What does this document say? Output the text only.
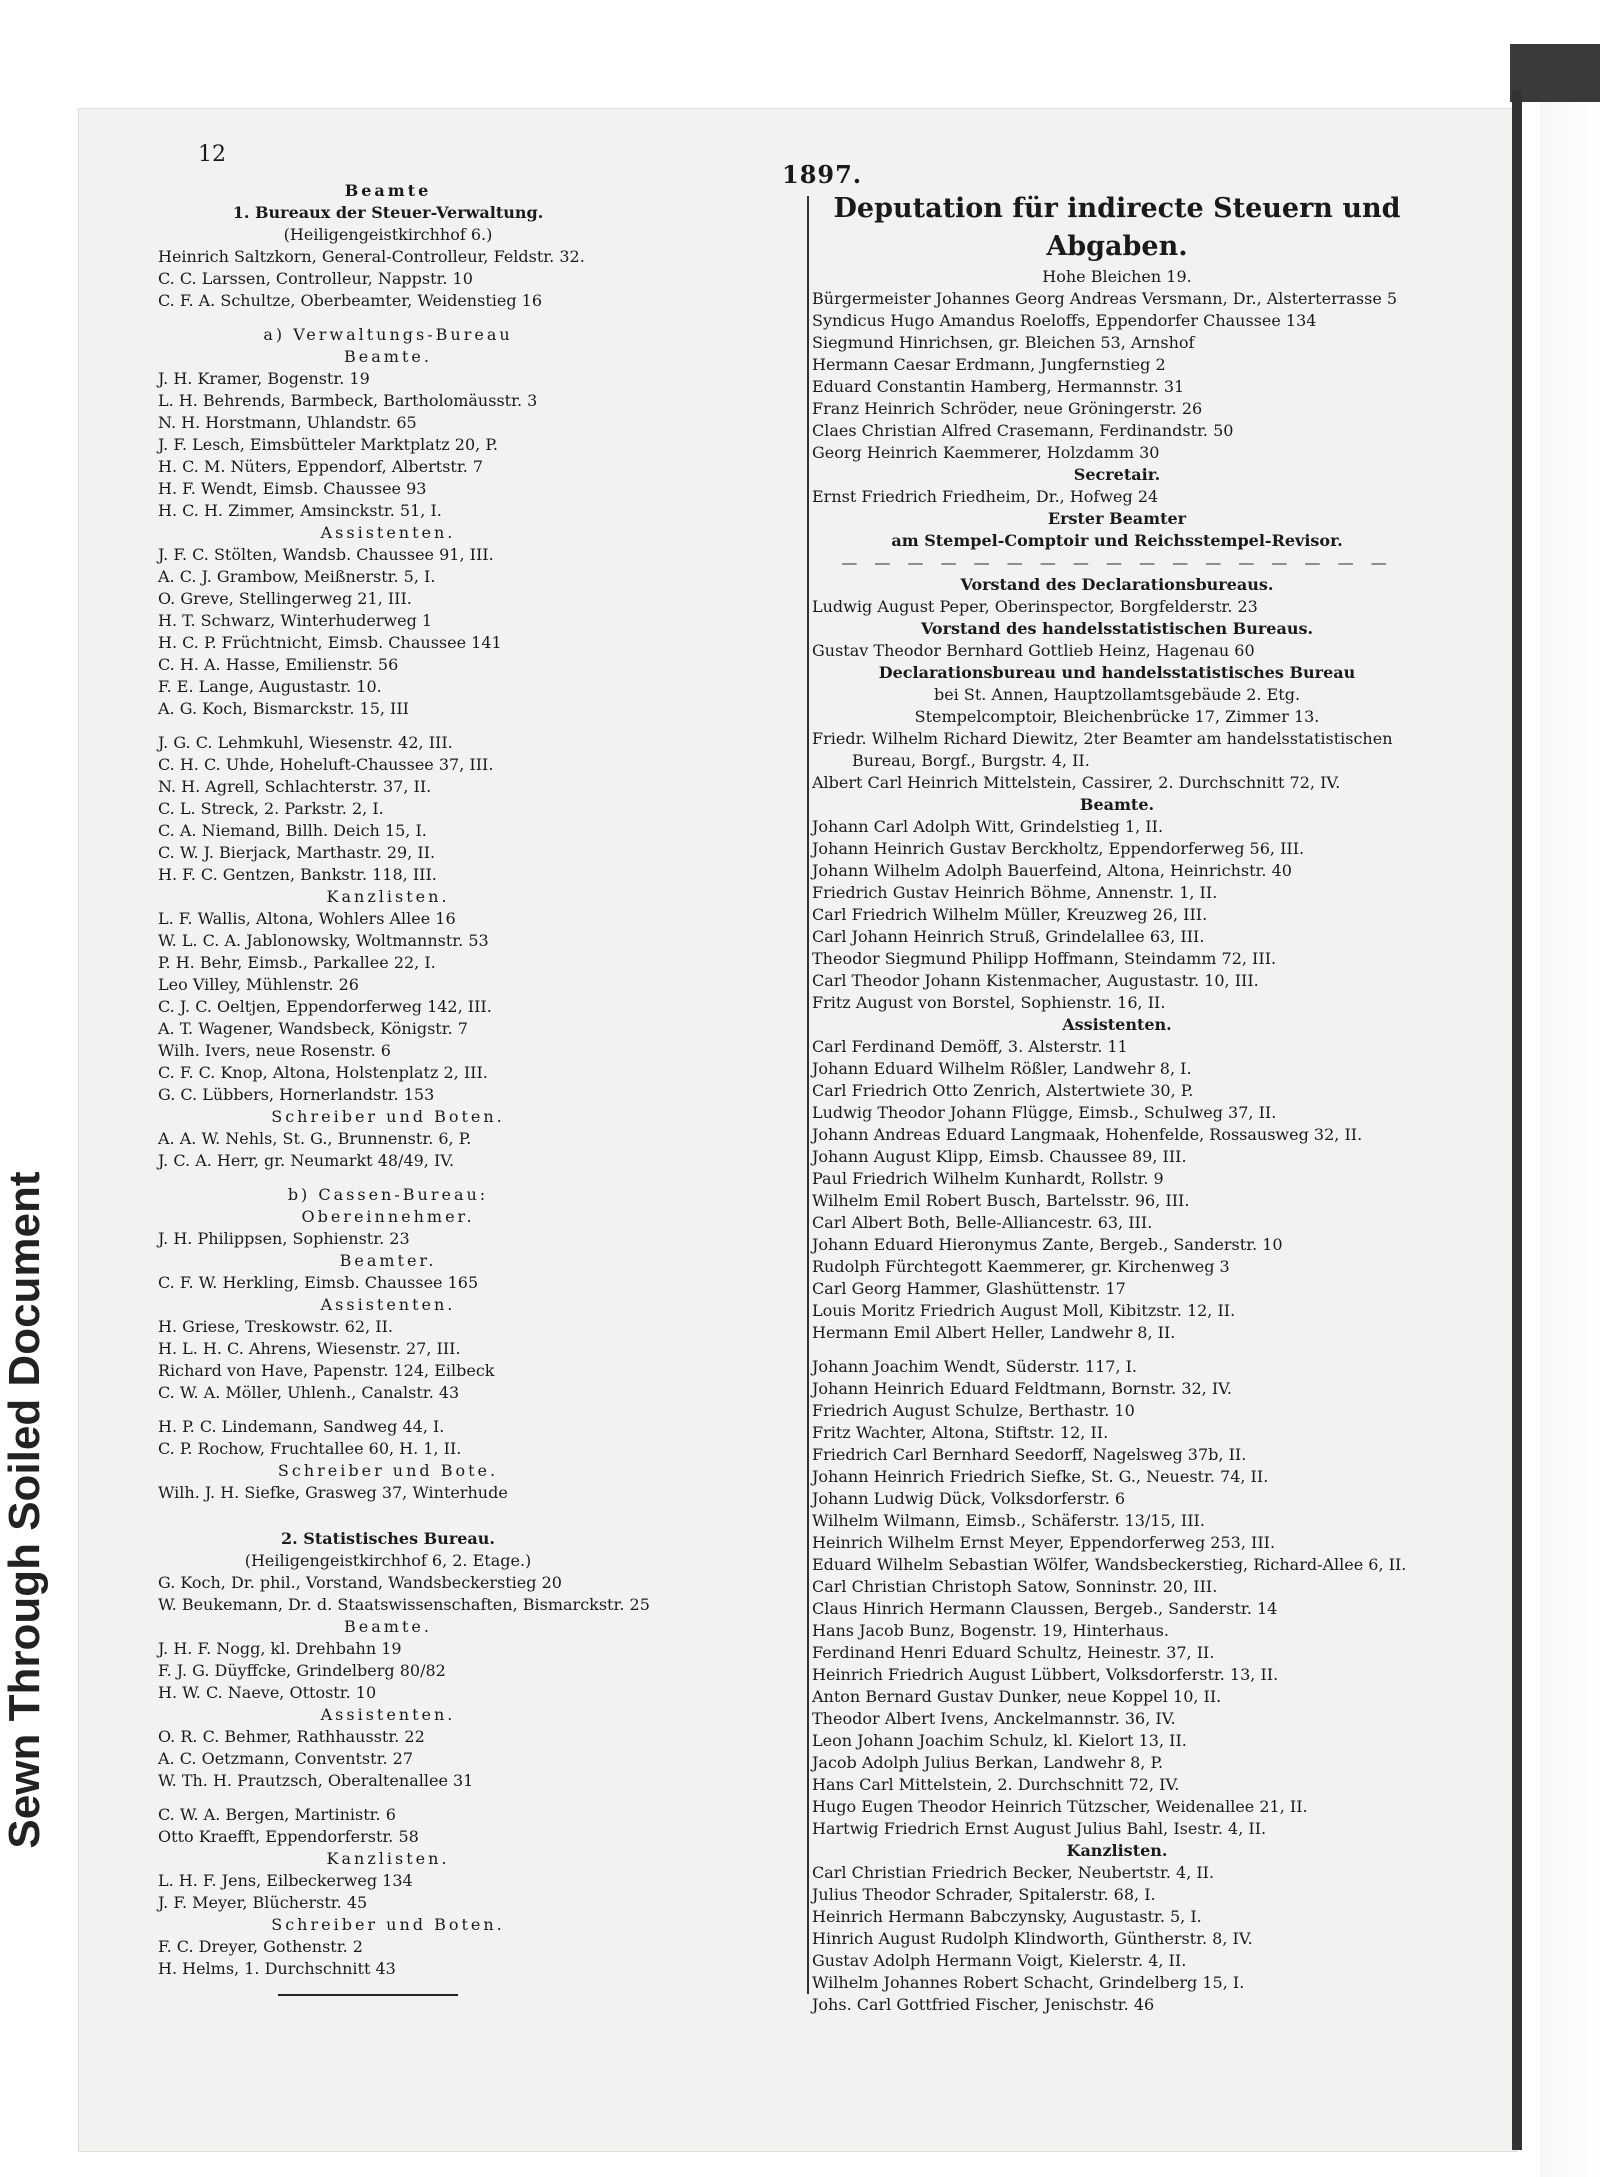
Sewn Through Soiled Document
12
1897.
Beamte
1. Bureaux der Steuer-Verwaltung.
(Heiligengeistkirchhof 6.)
Heinrich Saltzkorn, General-Controlleur, Feldstr. 32.
C. C. Larssen, Controlleur, Nappstr. 10
C. F. A. Schultze, Oberbeamter, Weidenstieg 16
a) Verwaltungs-Bureau
Beamte.
J. H. Kramer, Bogenstr. 19
L. H. Behrends, Barmbeck, Bartholomäusstr. 3
N. H. Horstmann, Uhlandstr. 65
J. F. Lesch, Eimsbütteler Marktplatz 20, P.
H. C. M. Nüters, Eppendorf, Albertstr. 7
H. F. Wendt, Eimsb. Chaussee 93
H. C. H. Zimmer, Amsinckstr. 51, I.
Assistenten.
J. F. C. Stölten, Wandsb. Chaussee 91, III.
A. C. J. Grambow, Meißnerstr. 5, I.
O. Greve, Stellingerweg 21, III.
H. T. Schwarz, Winterhuderweg 1
H. C. P. Früchtnicht, Eimsb. Chaussee 141
C. H. A. Hasse, Emilienstr. 56
F. E. Lange, Augustastr. 10.
A. G. Koch, Bismarckstr. 15, III
J. G. C. Lehmkuhl, Wiesenstr. 42, III.
C. H. C. Uhde, Hoheluft-Chaussee 37, III.
N. H. Agrell, Schlachterstr. 37, II.
C. L. Streck, 2. Parkstr. 2, I.
C. A. Niemand, Billh. Deich 15, I.
C. W. J. Bierjack, Marthastr. 29, II.
H. F. C. Gentzen, Bankstr. 118, III.
Kanzlisten.
L. F. Wallis, Altona, Wohlers Allee 16
W. L. C. A. Jablonowsky, Woltmannstr. 53
P. H. Behr, Eimsb., Parkallee 22, I.
Leo Villey, Mühlenstr. 26
C. J. C. Oeltjen, Eppendorferweg 142, III.
A. T. Wagener, Wandsbeck, Königstr. 7
Wilh. Ivers, neue Rosenstr. 6
C. F. C. Knop, Altona, Holstenplatz 2, III.
G. C. Lübbers, Hornerlandstr. 153
Schreiber und Boten.
A. A. W. Nehls, St. G., Brunnenstr. 6, P.
J. C. A. Herr, gr. Neumarkt 48/49, IV.
b) Cassen-Bureau:
Obereinnehmer.
J. H. Philippsen, Sophienstr. 23
Beamter.
C. F. W. Herkling, Eimsb. Chaussee 165
Assistenten.
H. Griese, Treskowstr. 62, II.
H. L. H. C. Ahrens, Wiesenstr. 27, III.
Richard von Have, Papenstr. 124, Eilbeck
C. W. A. Möller, Uhlenh., Canalstr. 43
H. P. C. Lindemann, Sandweg 44, I.
C. P. Rochow, Fruchtallee 60, H. 1, II.
Schreiber und Bote.
Wilh. J. H. Siefke, Grasweg 37, Winterhude
2. Statistisches Bureau.
(Heiligengeistkirchhof 6, 2. Etage.)
G. Koch, Dr. phil., Vorstand, Wandsbeckerstieg 20
W. Beukemann, Dr. d. Staatswissenschaften, Bismarckstr. 25
Beamte.
J. H. F. Nogg, kl. Drehbahn 19
F. J. G. Düyffcke, Grindelberg 80/82
H. W. C. Naeve, Ottostr. 10
Assistenten.
O. R. C. Behmer, Rathhausstr. 22
A. C. Oetzmann, Conventstr. 27
W. Th. H. Prautzsch, Oberaltenallee 31
C. W. A. Bergen, Martinistr. 6
Otto Kraefft, Eppendorferstr. 58
Kanzlisten.
L. H. F. Jens, Eilbeckerweg 134
J. F. Meyer, Blücherstr. 45
Schreiber und Boten.
F. C. Dreyer, Gothenstr. 2
H. Helms, 1. Durchschnitt 43
Deputation für indirecte Steuern und
Abgaben.
Hohe Bleichen 19.
Bürgermeister Johannes Georg Andreas Versmann, Dr., Alsterterrasse 5
Syndicus Hugo Amandus Roeloffs, Eppendorfer Chaussee 134
Siegmund Hinrichsen, gr. Bleichen 53, Arnshof
Hermann Caesar Erdmann, Jungfernstieg 2
Eduard Constantin Hamberg, Hermannstr. 31
Franz Heinrich Schröder, neue Gröningerstr. 26
Claes Christian Alfred Crasemann, Ferdinandstr. 50
Georg Heinrich Kaemmerer, Holzdamm 30
Secretair.
Ernst Friedrich Friedheim, Dr., Hofweg 24
Erster Beamter
am Stempel-Comptoir und Reichsstempel-Revisor.
— — — — — — — — — — — — — — — — —
Vorstand des Declarationsbureaus.
Ludwig August Peper, Oberinspector, Borgfelderstr. 23
Vorstand des handelsstatistischen Bureaus.
Gustav Theodor Bernhard Gottlieb Heinz, Hagenau 60
Declarationsbureau und handelsstatistisches Bureau
bei St. Annen, Hauptzollamtsgebäude 2. Etg.
Stempelcomptoir, Bleichenbrücke 17, Zimmer 13.
Friedr. Wilhelm Richard Diewitz, 2ter Beamter am handelsstatistischen
Bureau, Borgf., Burgstr. 4, II.
Albert Carl Heinrich Mittelstein, Cassirer, 2. Durchschnitt 72, IV.
Beamte.
Johann Carl Adolph Witt, Grindelstieg 1, II.
Johann Heinrich Gustav Berckholtz, Eppendorferweg 56, III.
Johann Wilhelm Adolph Bauerfeind, Altona, Heinrichstr. 40
Friedrich Gustav Heinrich Böhme, Annenstr. 1, II.
Carl Friedrich Wilhelm Müller, Kreuzweg 26, III.
Carl Johann Heinrich Struß, Grindelallee 63, III.
Theodor Siegmund Philipp Hoffmann, Steindamm 72, III.
Carl Theodor Johann Kistenmacher, Augustastr. 10, III.
Fritz August von Borstel, Sophienstr. 16, II.
Assistenten.
Carl Ferdinand Demöff, 3. Alsterstr. 11
Johann Eduard Wilhelm Rößler, Landwehr 8, I.
Carl Friedrich Otto Zenrich, Alstertwiete 30, P.
Ludwig Theodor Johann Flügge, Eimsb., Schulweg 37, II.
Johann Andreas Eduard Langmaak, Hohenfelde, Rossausweg 32, II.
Johann August Klipp, Eimsb. Chaussee 89, III.
Paul Friedrich Wilhelm Kunhardt, Rollstr. 9
Wilhelm Emil Robert Busch, Bartelsstr. 96, III.
Carl Albert Both, Belle-Alliancestr. 63, III.
Johann Eduard Hieronymus Zante, Bergeb., Sanderstr. 10
Rudolph Fürchtegott Kaemmerer, gr. Kirchenweg 3
Carl Georg Hammer, Glashüttenstr. 17
Louis Moritz Friedrich August Moll, Kibitzstr. 12, II.
Hermann Emil Albert Heller, Landwehr 8, II.
Johann Joachim Wendt, Süderstr. 117, I.
Johann Heinrich Eduard Feldtmann, Bornstr. 32, IV.
Friedrich August Schulze, Berthastr. 10
Fritz Wachter, Altona, Stiftstr. 12, II.
Friedrich Carl Bernhard Seedorff, Nagelsweg 37b, II.
Johann Heinrich Friedrich Siefke, St. G., Neuestr. 74, II.
Johann Ludwig Dück, Volksdorferstr. 6
Wilhelm Wilmann, Eimsb., Schäferstr. 13/15, III.
Heinrich Wilhelm Ernst Meyer, Eppendorferweg 253, III.
Eduard Wilhelm Sebastian Wölfer, Wandsbeckerstieg, Richard-Allee 6, II.
Carl Christian Christoph Satow, Sonninstr. 20, III.
Claus Hinrich Hermann Claussen, Bergeb., Sanderstr. 14
Hans Jacob Bunz, Bogenstr. 19, Hinterhaus.
Ferdinand Henri Eduard Schultz, Heinestr. 37, II.
Heinrich Friedrich August Lübbert, Volksdorferstr. 13, II.
Anton Bernard Gustav Dunker, neue Koppel 10, II.
Theodor Albert Ivens, Anckelmannstr. 36, IV.
Leon Johann Joachim Schulz, kl. Kielort 13, II.
Jacob Adolph Julius Berkan, Landwehr 8, P.
Hans Carl Mittelstein, 2. Durchschnitt 72, IV.
Hugo Eugen Theodor Heinrich Tützscher, Weidenallee 21, II.
Hartwig Friedrich Ernst August Julius Bahl, Isestr. 4, II.
Kanzlisten.
Carl Christian Friedrich Becker, Neubertstr. 4, II.
Julius Theodor Schrader, Spitalerstr. 68, I.
Heinrich Hermann Babczynsky, Augustastr. 5, I.
Hinrich August Rudolph Klindworth, Güntherstr. 8, IV.
Gustav Adolph Hermann Voigt, Kielerstr. 4, II.
Wilhelm Johannes Robert Schacht, Grindelberg 15, I.
Johs. Carl Gottfried Fischer, Jenischstr. 46
